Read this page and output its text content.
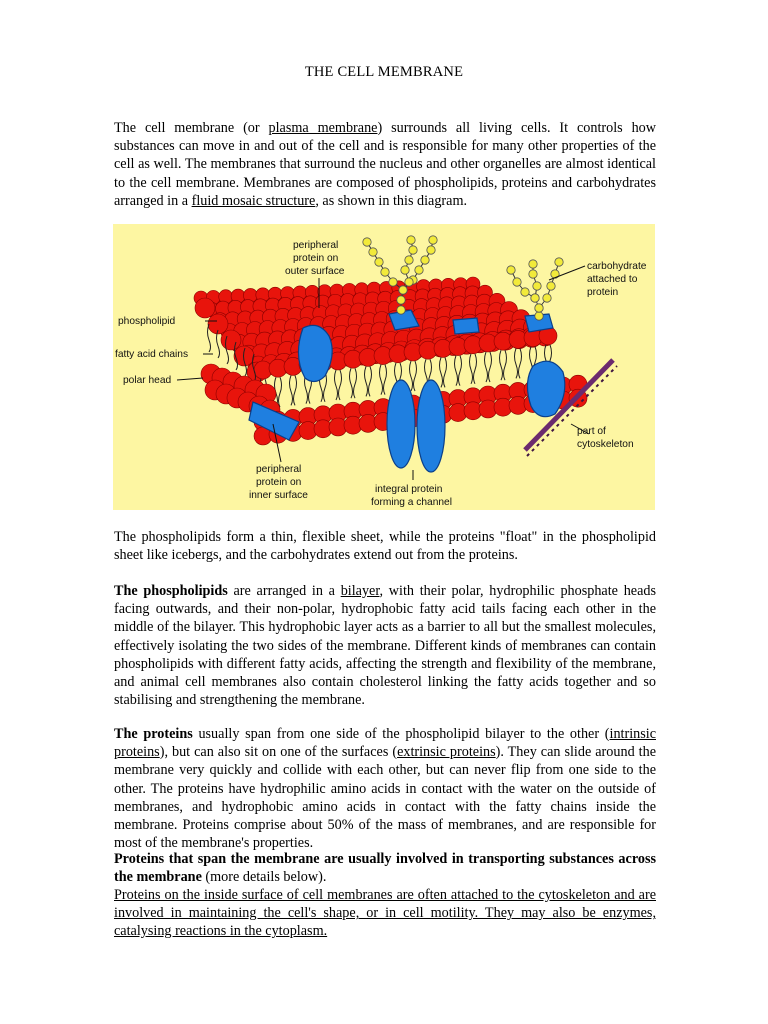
THE CELL MEMBRANE

The cell membrane (or plasma membrane) surrounds all living cells. It controls how substances can move in and out of the cell and is responsible for many other properties of the cell as well. The membranes that surround the nucleus and other organelles are almost identical to the cell membrane. Membranes are composed of phospholipids, proteins and carbohydrates arranged in a fluid mosaic structure, as shown in this diagram.

peripheral
protein on
outer surface	carbohydrate
attached to
protein
phospholipid
fatty acid chains
polar head
part of
cytoskeleton
peripheral
protein on
inner surface
integral protein
forming a channel

The phospholipids form a thin, flexible sheet, while the proteins "float" in the phospholipid sheet like icebergs, and the carbohydrates extend out from the proteins.

The phospholipids are arranged in a bilayer, with their polar, hydrophilic phosphate heads facing outwards, and their non-polar, hydrophobic fatty acid tails facing each other in the middle of the bilayer. This hydrophobic layer acts as a barrier to all but the smallest molecules, effectively isolating the two sides of the membrane. Different kinds of membranes can contain phospholipids with different fatty acids, affecting the strength and flexibility of the membrane, and animal cell membranes also contain cholesterol linking the fatty acids together and so stabilising and strengthening the membrane.

The proteins usually span from one side of the phospholipid bilayer to the other (intrinsic proteins), but can also sit on one of the surfaces (extrinsic proteins). They can slide around the membrane very quickly and collide with each other, but can never flip from one side to the other. The proteins have hydrophilic amino acids in contact with the water on the outside of membranes, and hydrophobic amino acids in contact with the fatty chains inside the membrane. Proteins comprise about 50% of the mass of membranes, and are responsible for most of the membrane's properties.

Proteins that span the membrane are usually involved in transporting substances across the membrane (more details below).

Proteins on the inside surface of cell membranes are often attached to the cytoskeleton and are involved in maintaining the cell's shape, or in cell motility. They may also be enzymes, catalysing reactions in the cytoplasm.
